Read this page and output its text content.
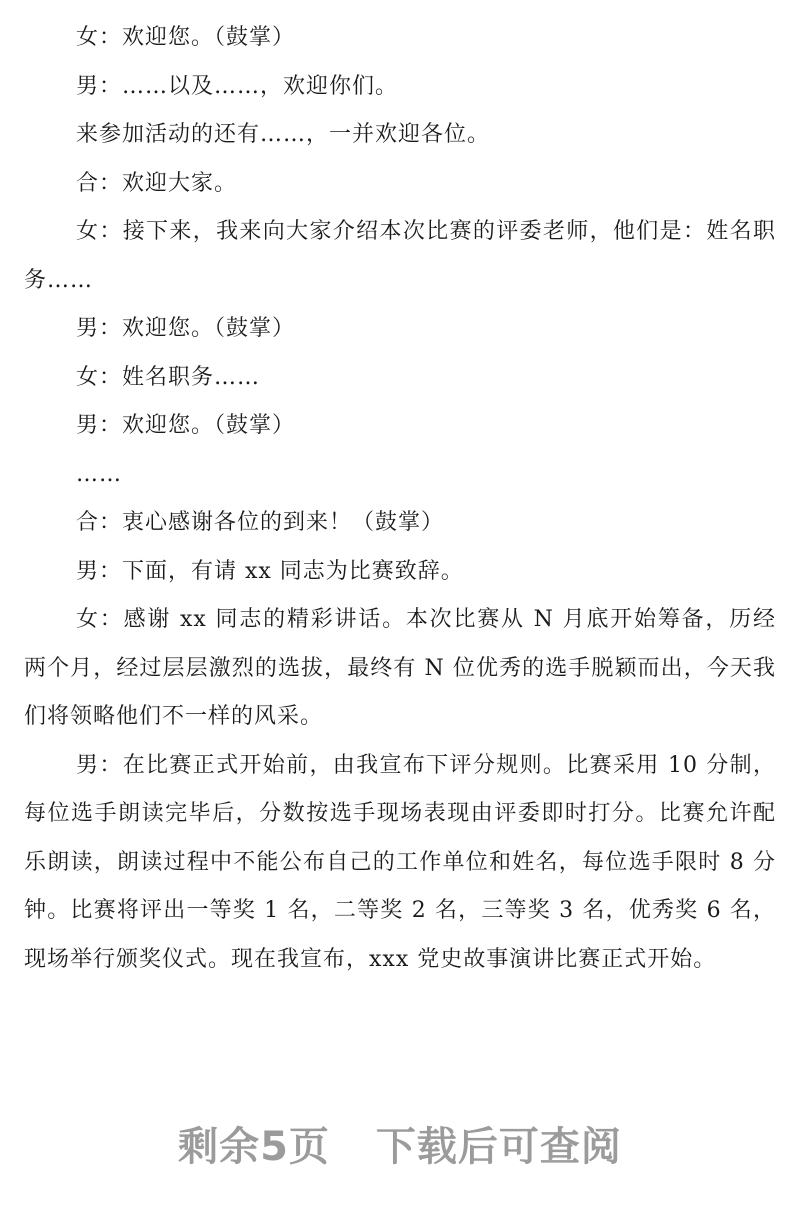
女：欢迎您。（鼓掌）

男：……以及……，欢迎你们。

来参加活动的还有……，一并欢迎各位。

合：欢迎大家。

女：接下来，我来向大家介绍本次比赛的评委老师，他们是：姓名职务……

男：欢迎您。（鼓掌）

女：姓名职务……

男：欢迎您。（鼓掌）

……

合：衷心感谢各位的到来！（鼓掌）

男：下面，有请 xx 同志为比赛致辞。

女：感谢 xx 同志的精彩讲话。本次比赛从 N 月底开始筹备，历经两个月，经过层层激烈的选拔，最终有 N 位优秀的选手脱颖而出，今天我们将领略他们不一样的风采。

男：在比赛正式开始前，由我宣布下评分规则。比赛采用 10 分制，每位选手朗读完毕后，分数按选手现场表现由评委即时打分。比赛允许配乐朗读，朗读过程中不能公布自己的工作单位和姓名，每位选手限时 8 分钟。比赛将评出一等奖 1 名，二等奖 2 名，三等奖 3 名，优秀奖 6 名，现场举行颁奖仪式。现在我宣布，xxx 党史故事演讲比赛正式开始。

剩余5页 下载后可查阅
